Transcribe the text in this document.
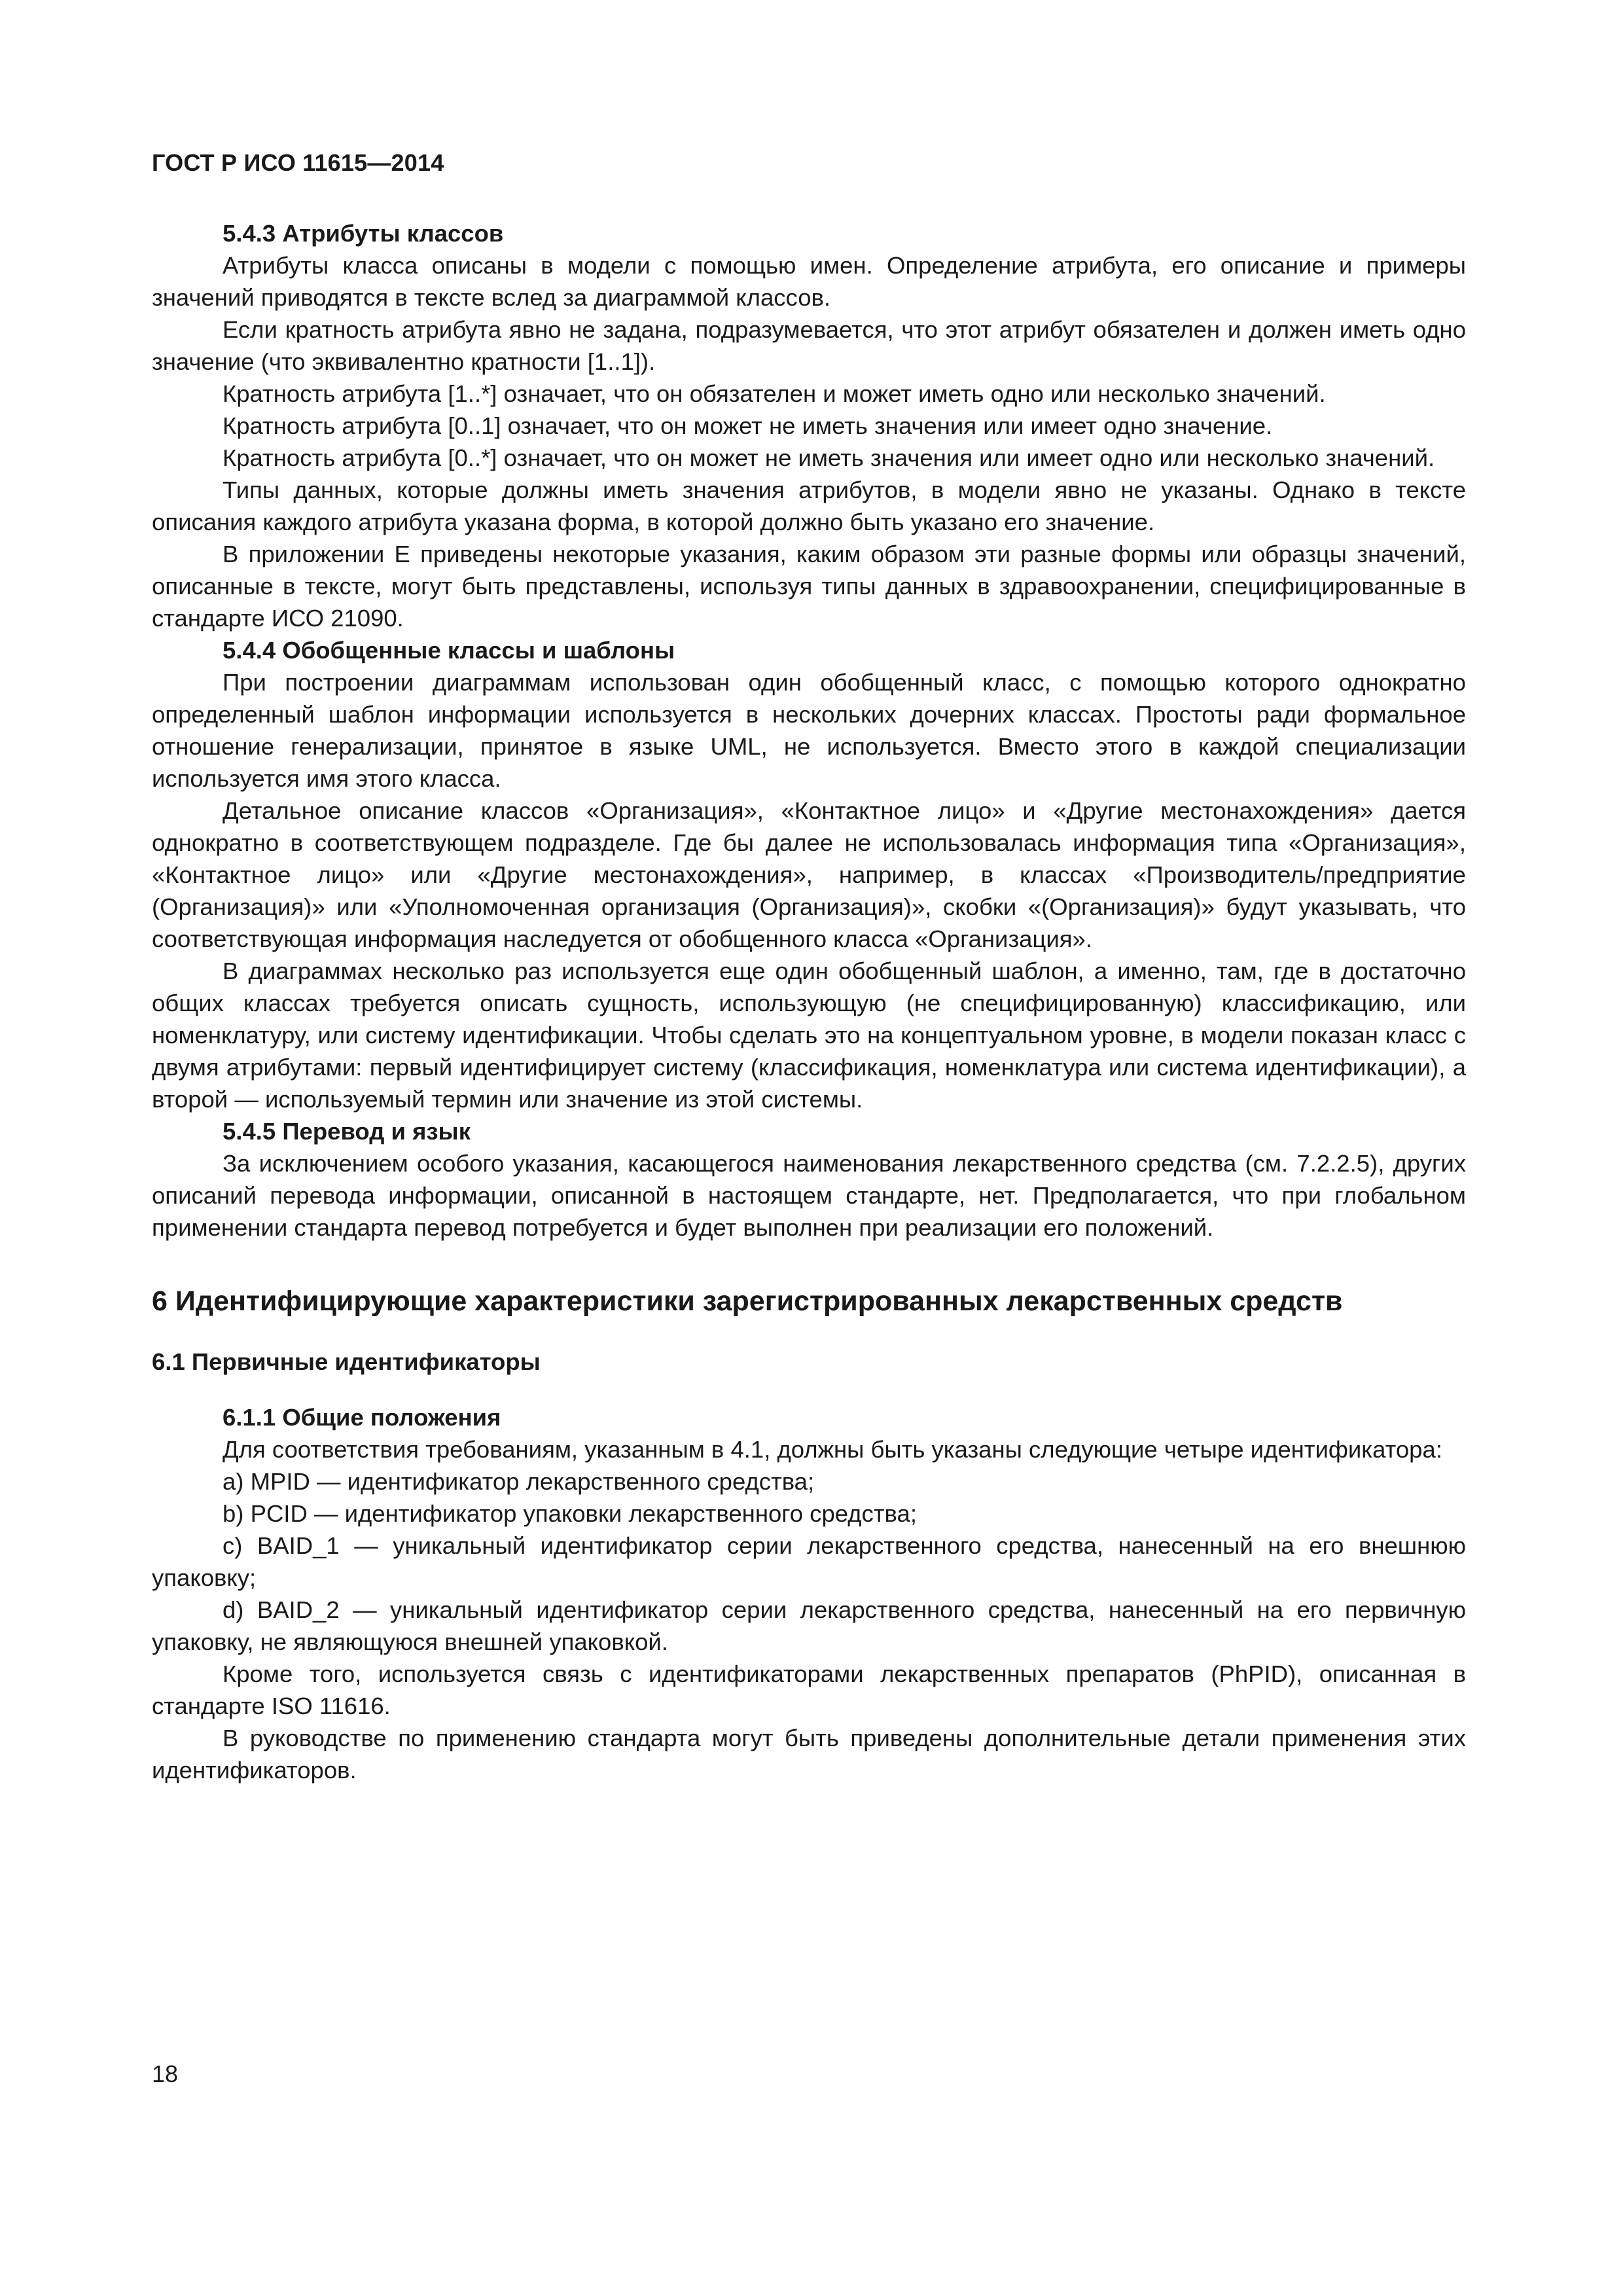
ГОСТ Р ИСО 11615—2014
5.4.3 Атрибуты классов

Атрибуты класса описаны в модели с помощью имен. Определение атрибута, его описание и примеры значений приводятся в тексте вслед за диаграммой классов.

Если кратность атрибута явно не задана, подразумевается, что этот атрибут обязателен и должен иметь одно значение (что эквивалентно кратности [1..1]).

Кратность атрибута [1..*] означает, что он обязателен и может иметь одно или несколько значений.

Кратность атрибута [0..1] означает, что он может не иметь значения или имеет одно значение.

Кратность атрибута [0..*] означает, что он может не иметь значения или имеет одно или несколько значений.

Типы данных, которые должны иметь значения атрибутов, в модели явно не указаны. Однако в тексте описания каждого атрибута указана форма, в которой должно быть указано его значение.

В приложении Е приведены некоторые указания, каким образом эти разные формы или образцы значений, описанные в тексте, могут быть представлены, используя типы данных в здравоохранении, специфицированные в стандарте ИСО 21090.

5.4.4 Обобщенные классы и шаблоны

При построении диаграммам использован один обобщенный класс, с помощью которого однократно определенный шаблон информации используется в нескольких дочерних классах. Простоты ради формальное отношение генерализации, принятое в языке UML, не используется. Вместо этого в каждой специализации используется имя этого класса.

Детальное описание классов «Организация», «Контактное лицо» и «Другие местонахождения» дается однократно в соответствующем подразделе. Где бы далее не использовалась информация типа «Организация», «Контактное лицо» или «Другие местонахождения», например, в классах «Производитель/предприятие (Организация)» или «Уполномоченная организация (Организация)», скобки «(Организация)» будут указывать, что соответствующая информация наследуется от обобщенного класса «Организация».

В диаграммах несколько раз используется еще один обобщенный шаблон, а именно, там, где в достаточно общих классах требуется описать сущность, использующую (не специфицированную) классификацию, или номенклатуру, или систему идентификации. Чтобы сделать это на концептуальном уровне, в модели показан класс с двумя атрибутами: первый идентифицирует систему (классификация, номенклатура или система идентификации), а второй — используемый термин или значение из этой системы.

5.4.5 Перевод и язык

За исключением особого указания, касающегося наименования лекарственного средства (см. 7.2.2.5), других описаний перевода информации, описанной в настоящем стандарте, нет. Предполагается, что при глобальном применении стандарта перевод потребуется и будет выполнен при реализации его положений.

6 Идентифицирующие характеристики зарегистрированных лекарственных средств
6.1 Первичные идентификаторы
6.1.1 Общие положения

Для соответствия требованиям, указанным в 4.1, должны быть указаны следующие четыре идентификатора:

a) MPID — идентификатор лекарственного средства;

b) PCID — идентификатор упаковки лекарственного средства;

c) BAID_1 — уникальный идентификатор серии лекарственного средства, нанесенный на его внешнюю упаковку;

d) BAID_2 — уникальный идентификатор серии лекарственного средства, нанесенный на его первичную упаковку, не являющуюся внешней упаковкой.

Кроме того, используется связь с идентификаторами лекарственных препаратов (PhPID), описанная в стандарте ISO 11616.

В руководстве по применению стандарта могут быть приведены дополнительные детали применения этих идентификаторов.

18
